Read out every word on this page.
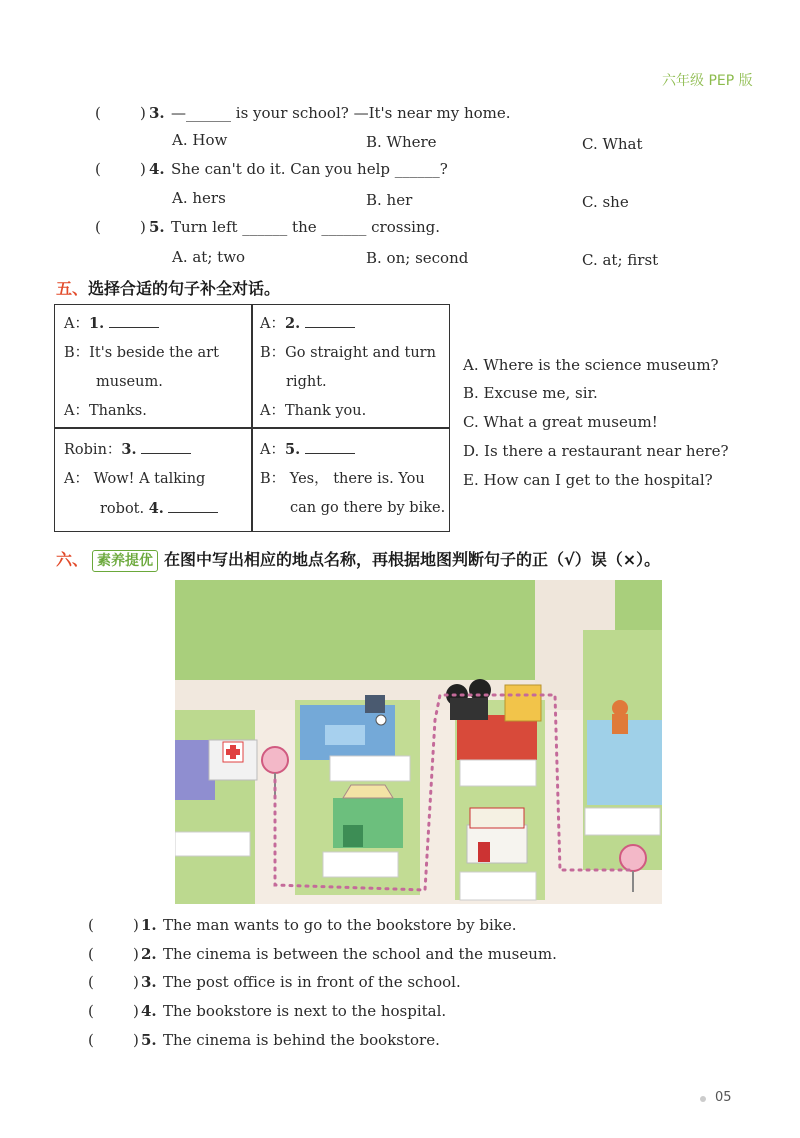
六年级 PEP 版
(	) 3. —______ is your school? —It's near my home.
A. How	B. Where	C. What
(	) 4. She can't do it. Can you help ______?
A. hers	B. her	C. she
(	) 5. Turn left ______ the ______ crossing.
A. at; two	B. on; second	C. at; first
五、选择合适的句子补全对话。
A：1.
B：It's beside the art
museum.
A：Thanks.
A：2.
B：Go straight and turn
right.
A：Thank you.
Robin：3.
A： Wow! A talking
robot. 4.
A：5.
B： Yes， there is. You
can go there by bike.
A. Where is the science museum?
B. Excuse me, sir.
C. What a great museum!
D. Is there a restaurant near here?
E. How can I get to the hospital?
六、 素养提优 在图中写出相应的地点名称，再根据地图判断句子的正（√）误（×）。
(	) 1. The man wants to go to the bookstore by bike.
(	) 2. The cinema is between the school and the museum.
(	) 3. The post office is in front of the school.
(	) 4. The bookstore is next to the hospital.
(	) 5. The cinema is behind the bookstore.
05
